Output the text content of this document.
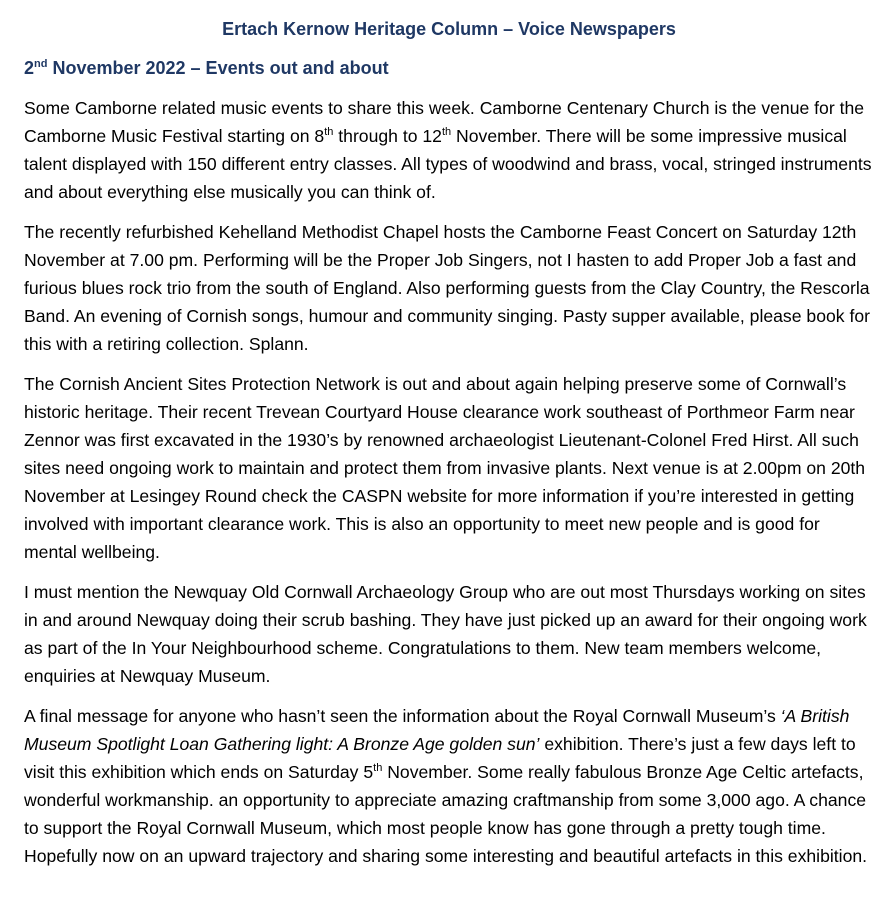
Ertach Kernow Heritage Column – Voice Newspapers
2nd November 2022 – Events out and about

Some Camborne related music events to share this week. Camborne Centenary Church is the venue for the Camborne Music Festival starting on 8th through to 12th November. There will be some impressive musical talent displayed with 150 different entry classes. All types of woodwind and brass, vocal, stringed instruments and about everything else musically you can think of.

The recently refurbished Kehelland Methodist Chapel hosts the Camborne Feast Concert on Saturday 12th November at 7.00 pm. Performing will be the Proper Job Singers, not I hasten to add Proper Job a fast and furious blues rock trio from the south of England. Also performing guests from the Clay Country, the Rescorla Band. An evening of Cornish songs, humour and community singing. Pasty supper available, please book for this with a retiring collection. Splann.

The Cornish Ancient Sites Protection Network is out and about again helping preserve some of Cornwall’s historic heritage. Their recent Trevean Courtyard House clearance work southeast of Porthmeor Farm near Zennor was first excavated in the 1930’s by renowned archaeologist Lieutenant-Colonel Fred Hirst. All such sites need ongoing work to maintain and protect them from invasive plants. Next venue is at 2.00pm on 20th November at Lesingey Round check the CASPN website for more information if you’re interested in getting involved with important clearance work. This is also an opportunity to meet new people and is good for mental wellbeing.

I must mention the Newquay Old Cornwall Archaeology Group who are out most Thursdays working on sites in and around Newquay doing their scrub bashing. They have just picked up an award for their ongoing work as part of the In Your Neighbourhood scheme. Congratulations to them. New team members welcome, enquiries at Newquay Museum.

A final message for anyone who hasn’t seen the information about the Royal Cornwall Museum’s ‘A British Museum Spotlight Loan Gathering light: A Bronze Age golden sun’ exhibition. There’s just a few days left to visit this exhibition which ends on Saturday 5th November. Some really fabulous Bronze Age Celtic artefacts, wonderful workmanship. an opportunity to appreciate amazing craftmanship from some 3,000 ago. A chance to support the Royal Cornwall Museum, which most people know has gone through a pretty tough time. Hopefully now on an upward trajectory and sharing some interesting and beautiful artefacts in this exhibition.
